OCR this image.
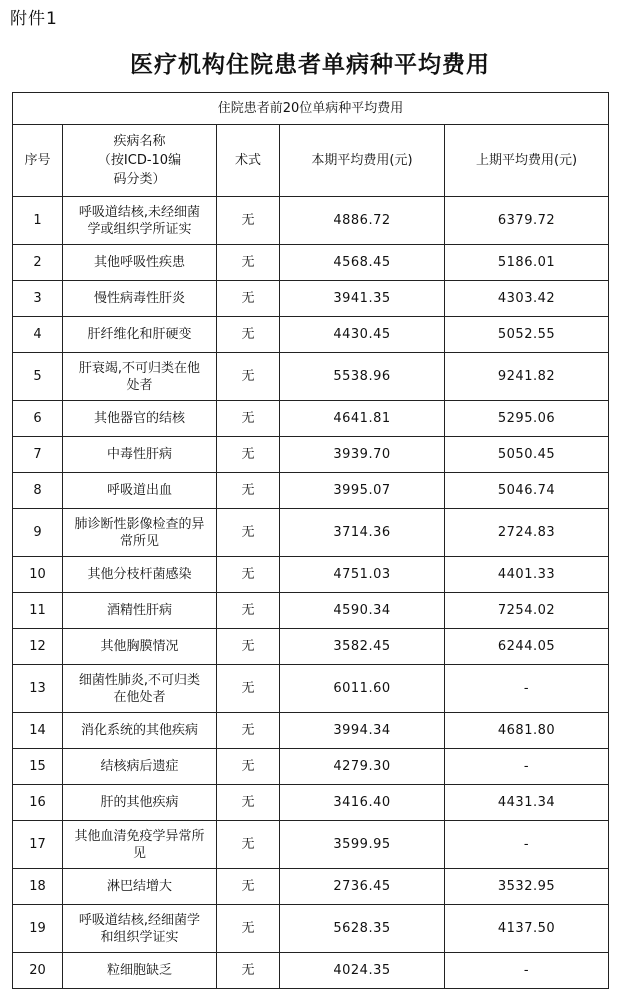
附件1
医疗机构住院患者单病种平均费用
住院患者前20位单病种平均费用				
序号	疾病名称
（按ICD-10编
码分类）	术式	本期平均费用(元)	上期平均费用(元)
1	呼吸道结核,未经细菌
学或组织学所证实	无	4886.72	6379.72
2	其他呼吸性疾患	无	4568.45	5186.01
3	慢性病毒性肝炎	无	3941.35	4303.42
4	肝纤维化和肝硬变	无	4430.45	5052.55
5	肝衰竭,不可归类在他
处者	无	5538.96	9241.82
6	其他器官的结核	无	4641.81	5295.06
7	中毒性肝病	无	3939.70	5050.45
8	呼吸道出血	无	3995.07	5046.74
9	肺诊断性影像检查的异
常所见	无	3714.36	2724.83
10	其他分枝杆菌感染	无	4751.03	4401.33
11	酒精性肝病	无	4590.34	7254.02
12	其他胸膜情况	无	3582.45	6244.05
13	细菌性肺炎,不可归类
在他处者	无	6011.60	-
14	消化系统的其他疾病	无	3994.34	4681.80
15	结核病后遗症	无	4279.30	-
16	肝的其他疾病	无	3416.40	4431.34
17	其他血清免疫学异常所
见	无	3599.95	-
18	淋巴结增大	无	2736.45	3532.95
19	呼吸道结核,经细菌学
和组织学证实	无	5628.35	4137.50
20	粒细胞缺乏	无	4024.35	-
